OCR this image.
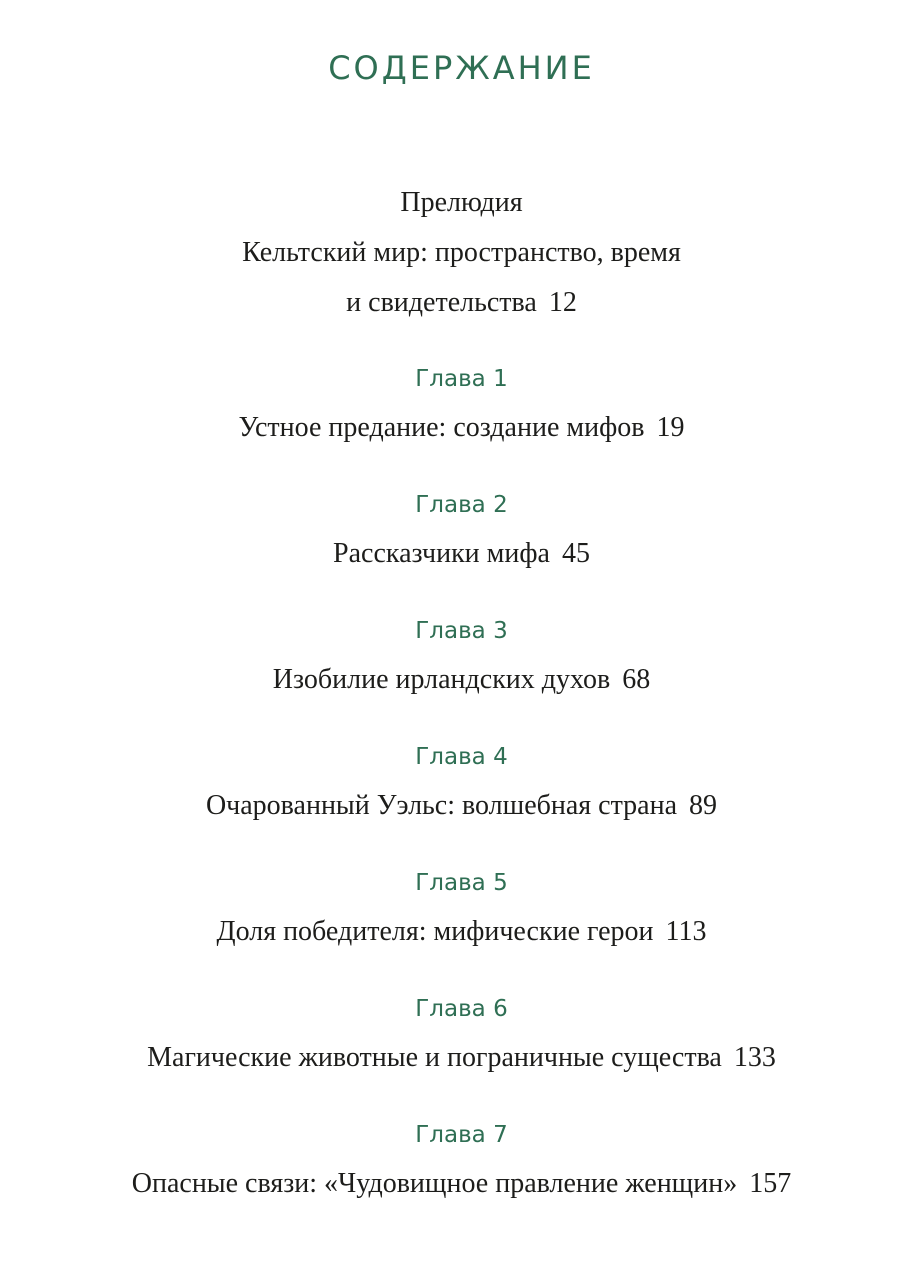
СОДЕРЖАНИЕ
Прелюдия
Кельтский мир: пространство, время
и свидетельства 12
Глава 1
Устное предание: создание мифов 19
Глава 2
Рассказчики мифа 45
Глава 3
Изобилие ирландских духов 68
Глава 4
Очарованный Уэльс: волшебная страна 89
Глава 5
Доля победителя: мифические герои 113
Глава 6
Магические животные и пограничные существа 133
Глава 7
Опасные связи: «Чудовищное правление женщин» 157
